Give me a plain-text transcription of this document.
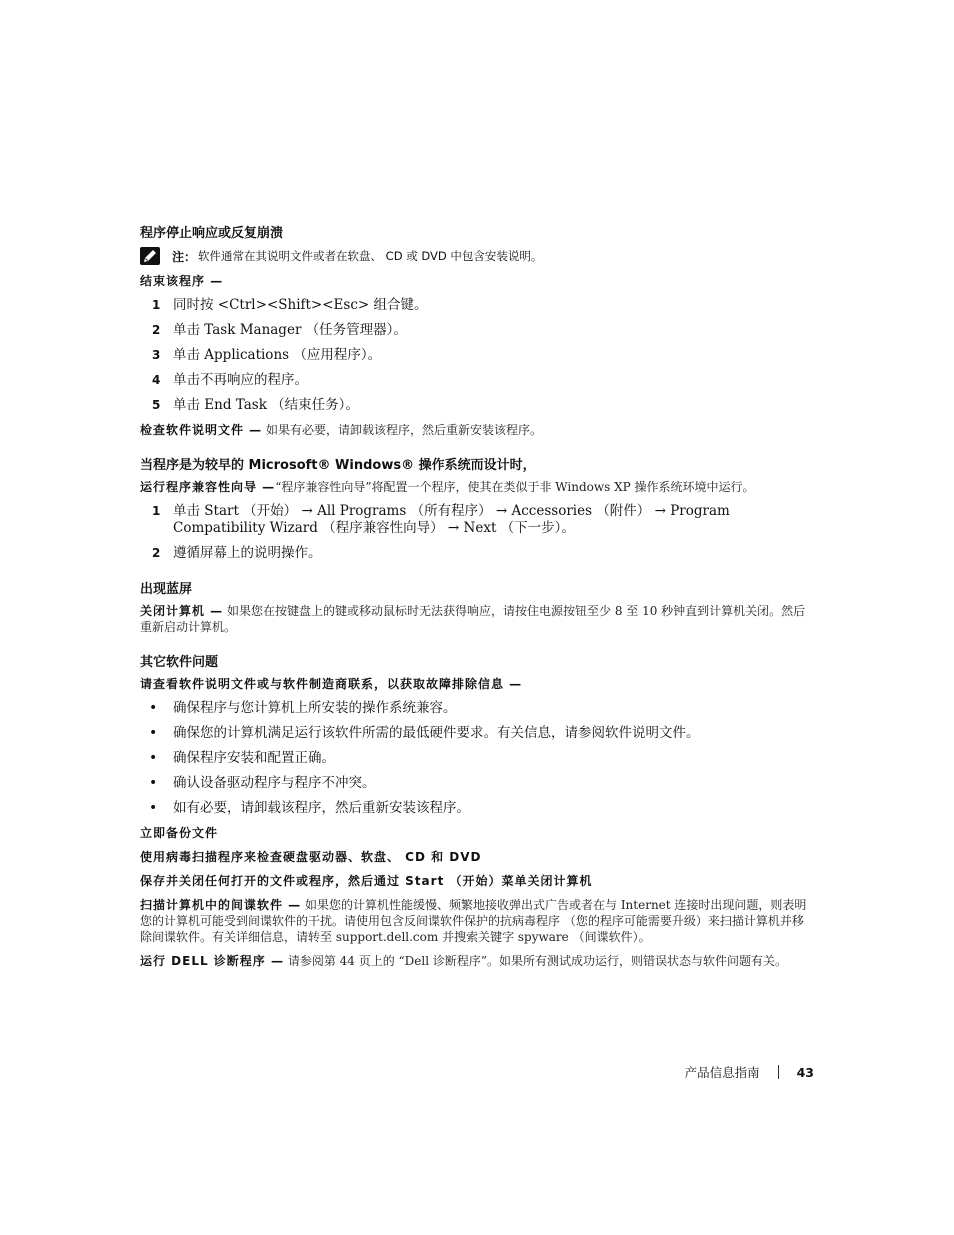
程序停止响应或反复崩溃
注： 软件通常在其说明文件或者在软盘、 CD 或 DVD 中包含安装说明。
结束该程序 —
1 同时按 <Ctrl><Shift><Esc> 组合键。
2 单击 Task Manager （任务管理器）。
3 单击 Applications （应用程序）。
4 单击不再响应的程序。
5 单击 End Task （结束任务）。
检查软件说明文件 — 如果有必要，请卸载该程序，然后重新安装该程序。
当程序是为较早的 Microsoft® Windows® 操作系统而设计时，
运行程序兼容性向导 —“程序兼容性向导”将配置一个程序，使其在类似于非 Windows XP 操作系统环境中运行。
1 单击 Start （开始） → All Programs （所有程序） → Accessories （附件） → Program Compatibility Wizard （程序兼容性向导） → Next （下一步）。
2 遵循屏幕上的说明操作。
出现蓝屏
关闭计算机 — 如果您在按键盘上的键或移动鼠标时无法获得响应，请按住电源按钮至少 8 至 10 秒钟直到计算机关闭。然后重新启动计算机。
其它软件问题
请查看软件说明文件或与软件制造商联系，以获取故障排除信息 —
•	确保程序与您计算机上所安装的操作系统兼容。
•	确保您的计算机满足运行该软件所需的最低硬件要求。有关信息，请参阅软件说明文件。
•	确保程序安装和配置正确。
•	确认设备驱动程序与程序不冲突。
•	如有必要，请卸载该程序，然后重新安装该程序。
立即备份文件
使用病毒扫描程序来检查硬盘驱动器、软盘、 CD 和 DVD
保存并关闭任何打开的文件或程序，然后通过 Start （开始）菜单关闭计算机
扫描计算机中的间谍软件 — 如果您的计算机性能缓慢、频繁地接收弹出式广告或者在与 Internet 连接时出现问题，则表明您的计算机可能受到间谍软件的干扰。请使用包含反间谍软件保护的抗病毒程序 （您的程序可能需要升级）来扫描计算机并移除间谍软件。有关详细信息，请转至 support.dell.com 并搜索关键字 spyware （间谍软件）。
运行 DELL 诊断程序 — 请参阅第 44 页上的 “Dell 诊断程序”。如果所有测试成功运行，则错误状态与软件问题有关。
产品信息指南	43
